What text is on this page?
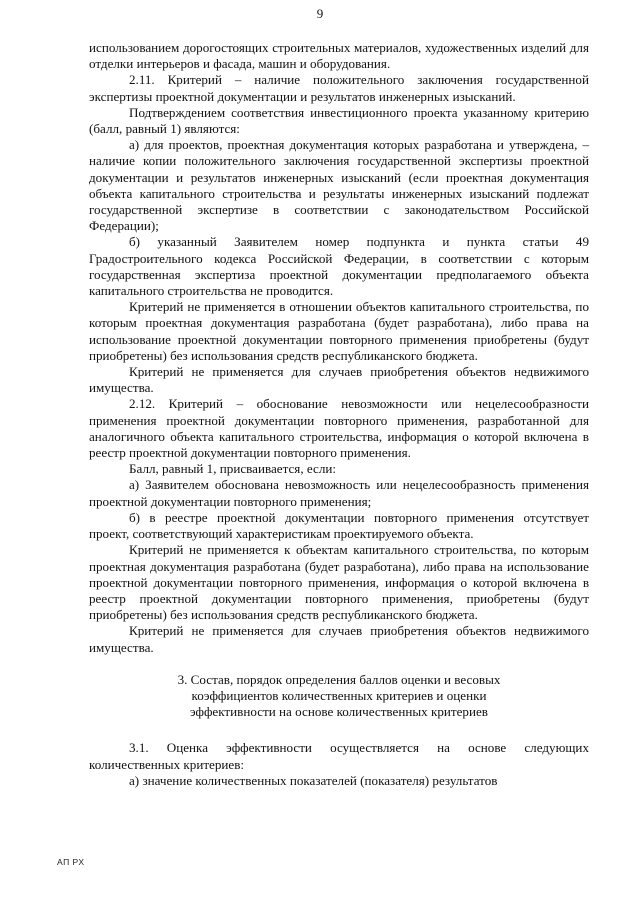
9

использованием дорогостоящих строительных материалов, художественных изделий для отделки интерьеров и фасада, машин и оборудования.

2.11. Критерий – наличие положительного заключения государственной экспертизы проектной документации и результатов инженерных изысканий.

Подтверждением соответствия инвестиционного проекта указанному критерию (балл, равный 1) являются:

а) для проектов, проектная документация которых разработана и утверждена, – наличие копии положительного заключения государственной экспертизы проектной документации и результатов инженерных изысканий (если проектная документация объекта капитального строительства и результаты инженерных изысканий подлежат государственной экспертизе в соответствии с законодательством Российской Федерации);

б) указанный Заявителем номер подпункта и пункта статьи 49 Градостроительного кодекса Российской Федерации, в соответствии с которым государственная экспертиза проектной документации предполагаемого объекта капитального строительства не проводится.

Критерий не применяется в отношении объектов капитального строительства, по которым проектная документация разработана (будет разработана), либо права на использование проектной документации повторного применения приобретены (будут приобретены) без использования средств республиканского бюджета.

Критерий не применяется для случаев приобретения объектов недвижимого имущества.

2.12. Критерий – обоснование невозможности или нецелесообразности применения проектной документации повторного применения, разработанной для аналогичного объекта капитального строительства, информация о которой включена в реестр проектной документации повторного применения.

Балл, равный 1, присваивается, если:

а) Заявителем обоснована невозможность или нецелесообразность применения проектной документации повторного применения;

б) в реестре проектной документации повторного применения отсутствует проект, соответствующий характеристикам проектируемого объекта.

Критерий не применяется к объектам капитального строительства, по которым проектная документация разработана (будет разработана), либо права на использование проектной документации повторного применения, информация о которой включена в реестр проектной документации повторного применения, приобретены (будут приобретены) без использования средств республиканского бюджета.

Критерий не применяется для случаев приобретения объектов недвижимого имущества.

3. Состав, порядок определения баллов оценки и весовых
коэффициентов количественных критериев и оценки
эффективности на основе количественных критериев

3.1. Оценка эффективности осуществляется на основе следующих количественных критериев:

а) значение количественных показателей (показателя) результатов

АП РХ
